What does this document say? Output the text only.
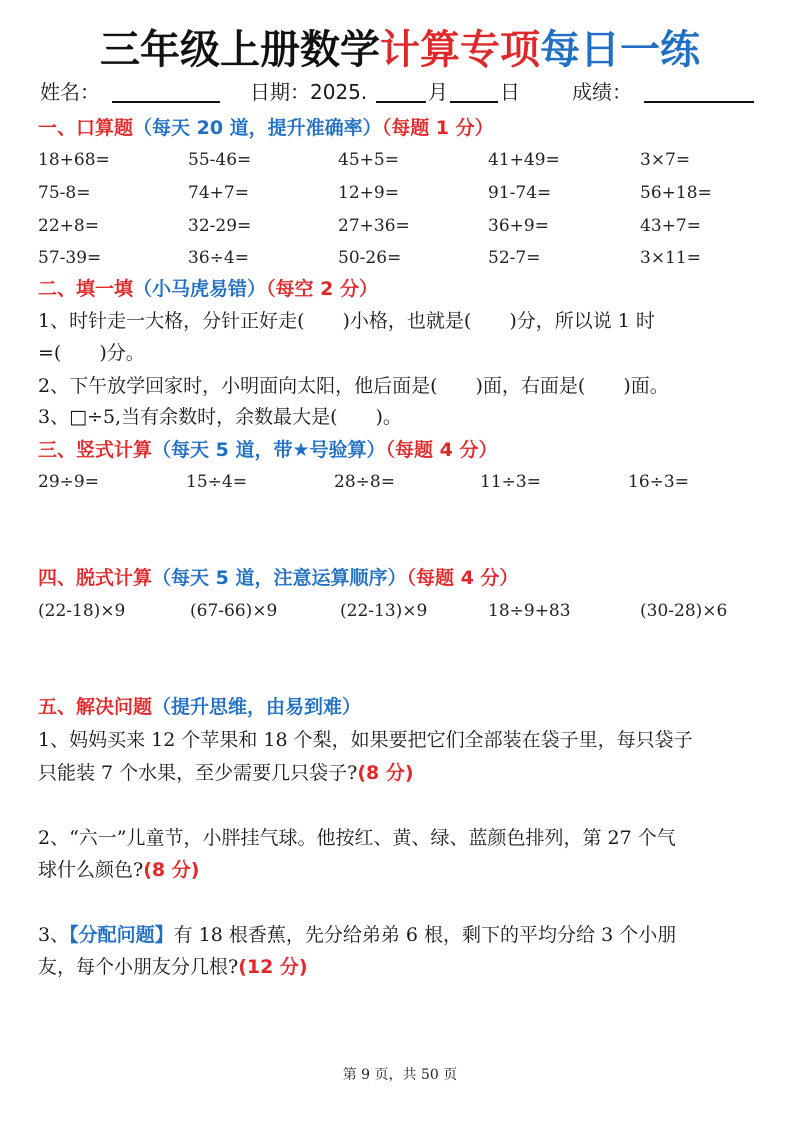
三年级上册数学计算专项每日一练
姓名：	日期：2025.	月	日	成绩：
一、口算题（每天 20 道，提升准确率）（每题 1 分）
18+68=	55-46=	45+5=	41+49=	3×7=
75-8=	74+7=	12+9=	91-74=	56+18=
22+8=	32-29=	27+36=	36+9=	43+7=
57-39=	36÷4=	50-26=	52-7=	3×11=
二、填一填（小马虎易错）（每空 2 分）
1、时针走一大格，分针正好走(　　)小格，也就是(　　)分，所以说 1 时
=(　　)分。
2、下午放学回家时，小明面向太阳，他后面是(　　)面，右面是(　　)面。
3、□÷5,当有余数时，余数最大是(　　)。
三、竖式计算（每天 5 道，带★号验算）（每题 4 分）
29÷9=	15÷4=	28÷8=	11÷3=	16÷3=
四、脱式计算（每天 5 道，注意运算顺序）（每题 4 分）
(22-18)×9	(67-66)×9	(22-13)×9	18÷9+83	(30-28)×6
五、解决问题（提升思维，由易到难）
1、妈妈买来 12 个苹果和 18 个梨，如果要把它们全部装在袋子里，每只袋子
只能装 7 个水果，至少需要几只袋子?(8 分)
2、“六一”儿童节，小胖挂气球。他按红、黄、绿、蓝颜色排列，第 27 个气
球什么颜色?(8 分)
3、【分配问题】有 18 根香蕉，先分给弟弟 6 根，剩下的平均分给 3 个小朋
友，每个小朋友分几根?(12 分)
第 9 页，共 50 页
